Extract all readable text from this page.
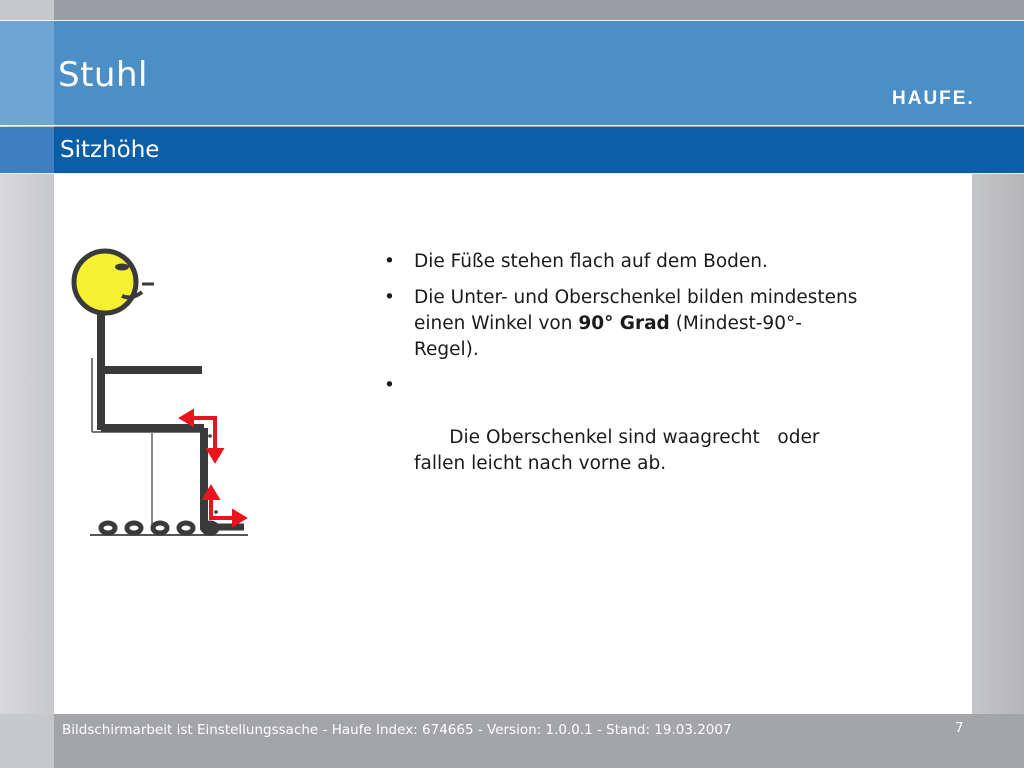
Stuhl
HAUFE.
Sitzhöhe
• Die Füße stehen flach auf dem Boden.
• Die Unter- und Oberschenkel bilden mindestens einen Winkel von 90° Grad (Mindest-90°-Regel).

•

Die Oberschenkel sind waagrecht   oder fallen leicht nach vorne ab.

Bildschirmarbeit ist Einstellungssache - Haufe Index: 674665 - Version: 1.0.0.1 - Stand: 19.03.2007	7
